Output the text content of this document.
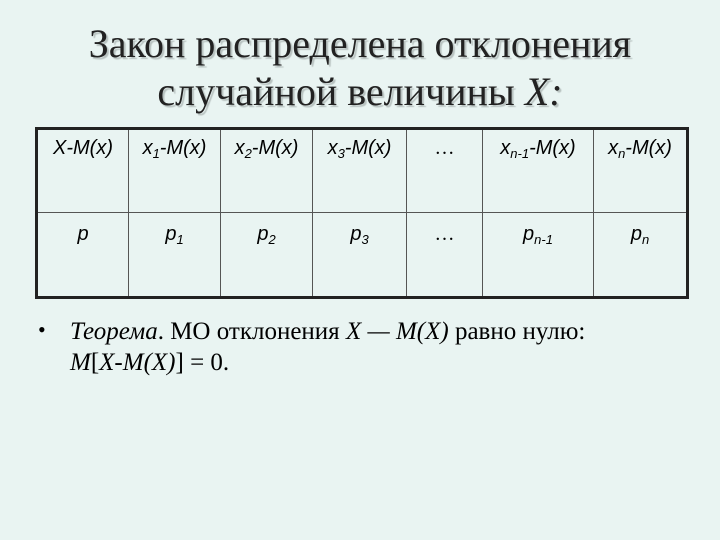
Закон распределена отклонения
случайной величины X:
X-M(x)	$x_1-M(x)$	$x_2-M(x)$	$x_3-M(x)$	…	$x_{n-1}-M(x)$	$x_n-M(x)$
p	$p_1$	$p_2$	$p_3$	…	$p_{n-1}$	$p_n$
• Теорема. МО отклонения X — M(X) равно нулю:
M[X-M(X)] = 0.
